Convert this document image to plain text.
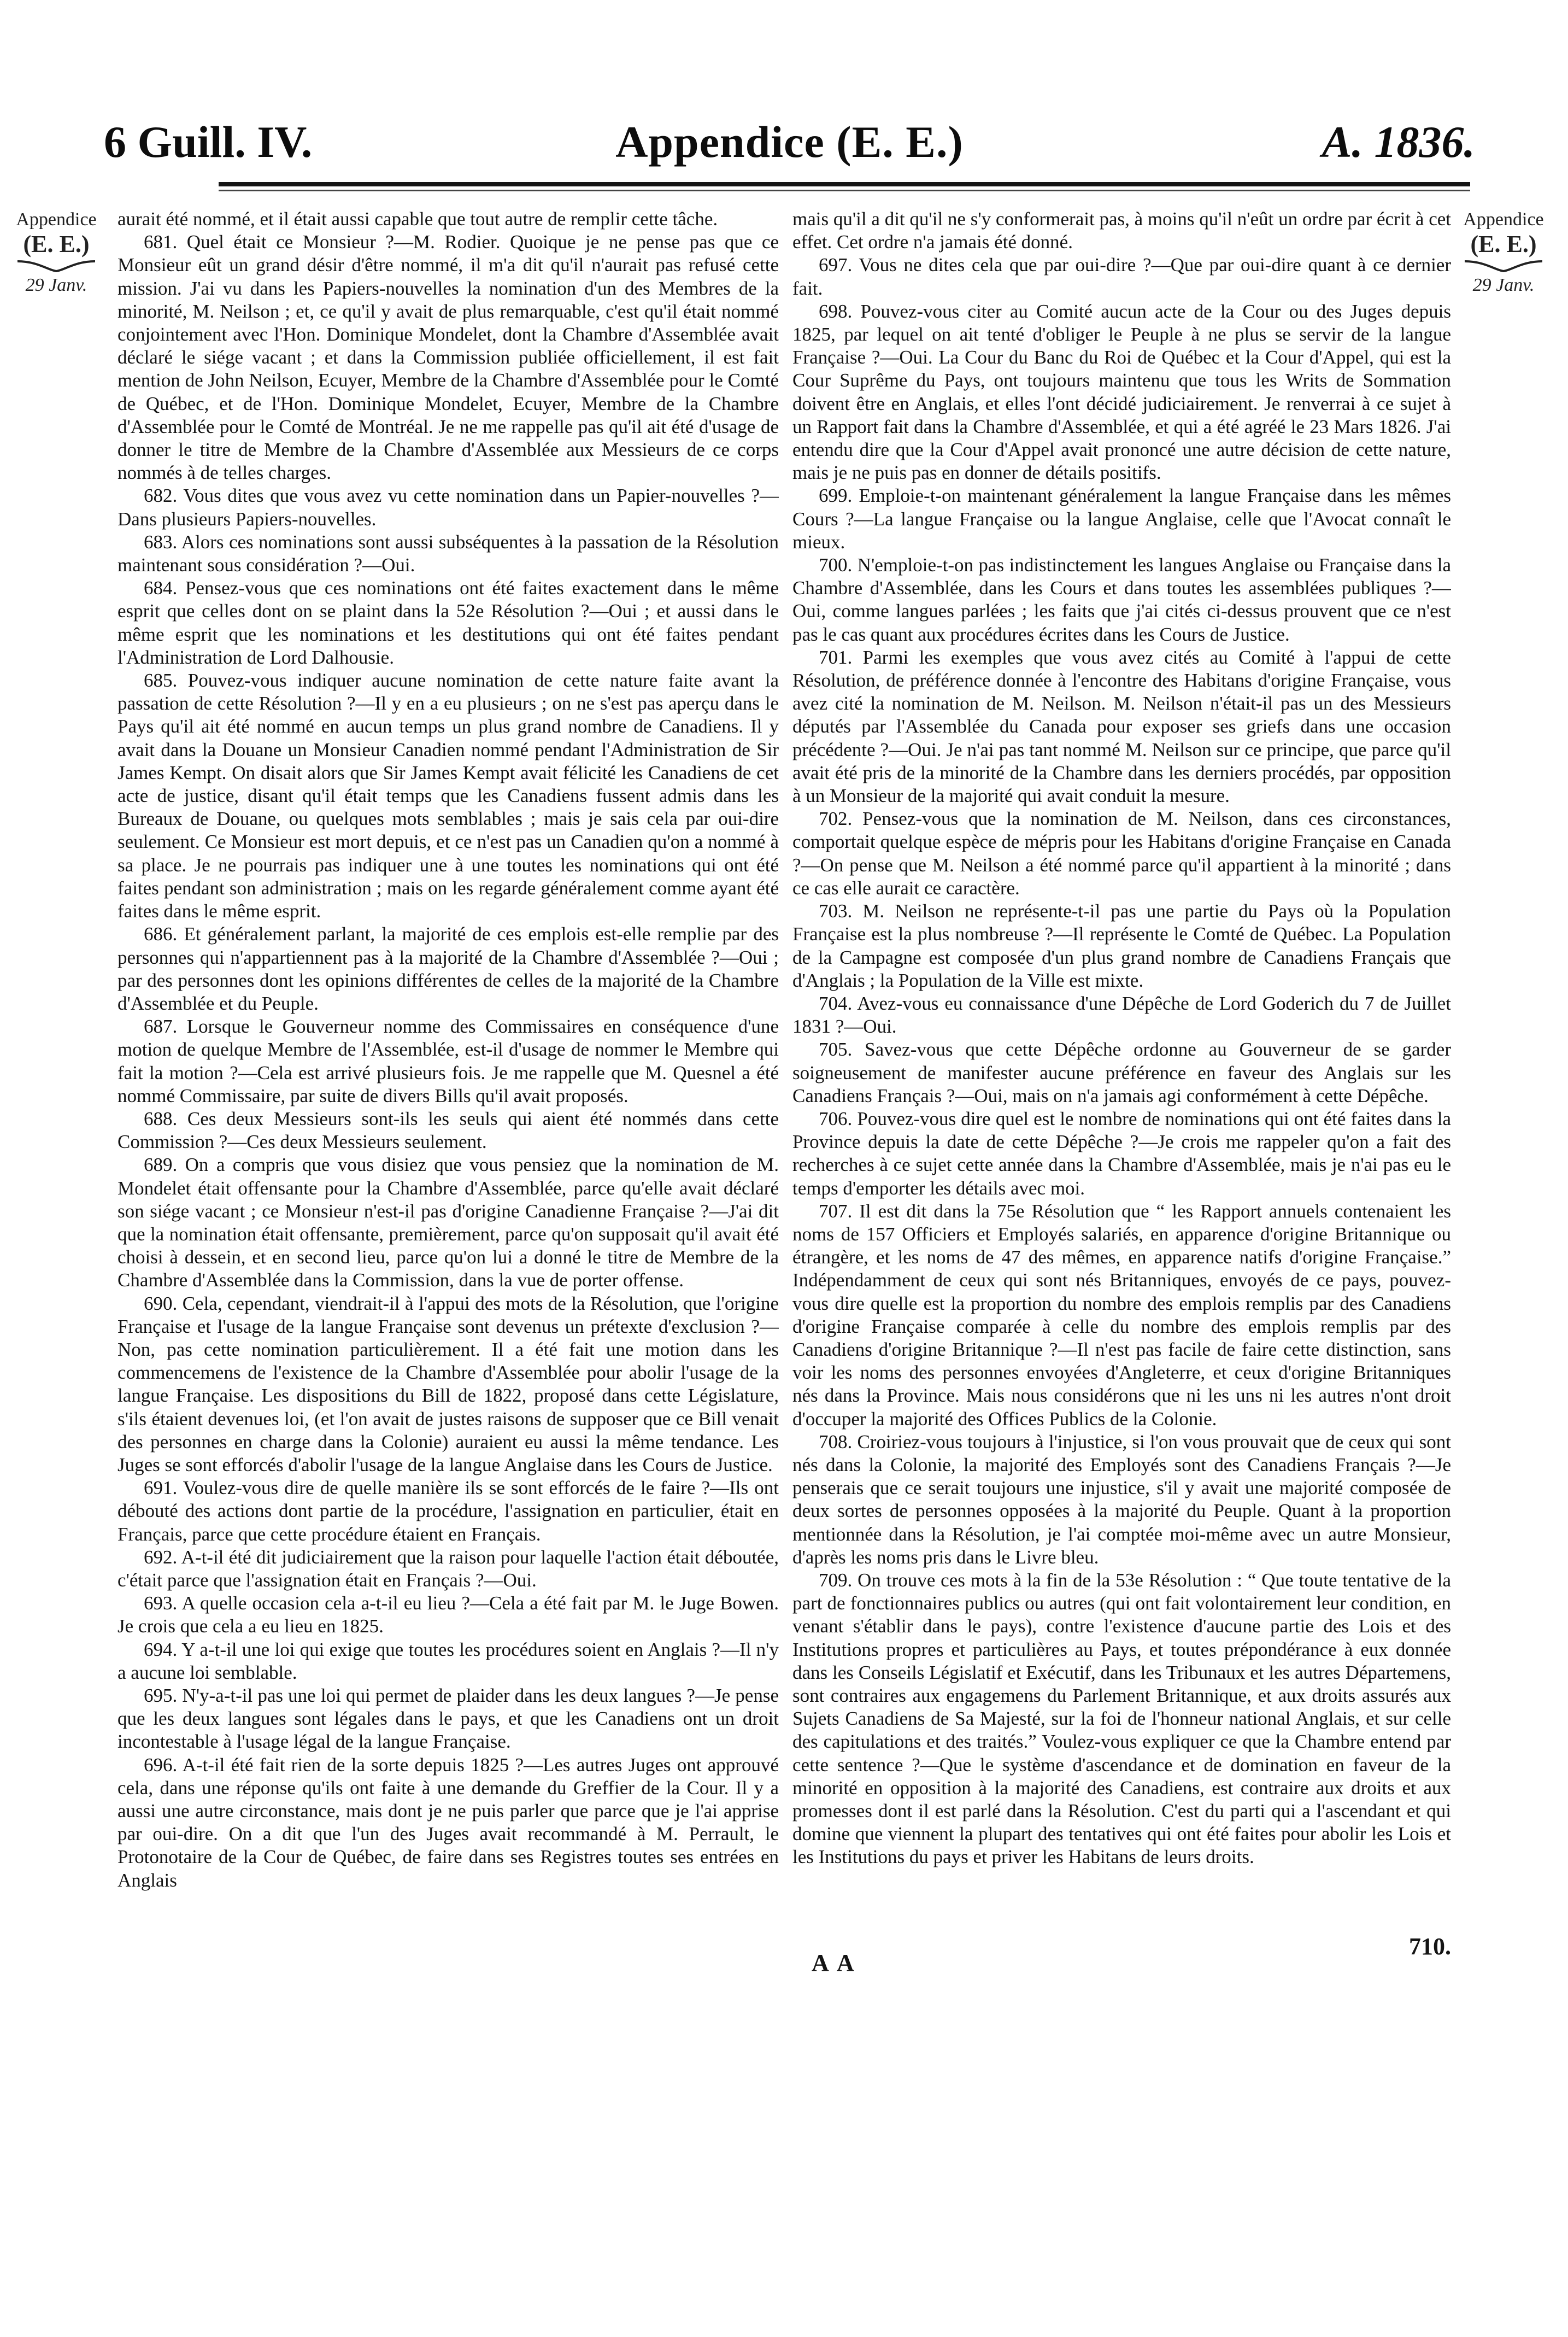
6 Guill. IV.	Appendice (E. E.)	A. 1836.
Appendice
(E. E.)
29 Janv.
Appendice
(E. E.)
29 Janv.

aurait été nommé, et il était aussi capable que tout autre de remplir cette tâche.

681. Quel était ce Monsieur ?—M. Rodier. Quoique je ne pense pas que ce Monsieur eût un grand désir d'être nommé, il m'a dit qu'il n'aurait pas refusé cette mission. J'ai vu dans les Papiers-nouvelles la nomination d'un des Membres de la minorité, M. Neilson ; et, ce qu'il y avait de plus remarquable, c'est qu'il était nommé conjointement avec l'Hon. Dominique Mondelet, dont la Chambre d'Assemblée avait déclaré le siége vacant ; et dans la Commission publiée officiellement, il est fait mention de John Neilson, Ecuyer, Membre de la Chambre d'Assemblée pour le Comté de Québec, et de l'Hon. Dominique Mondelet, Ecuyer, Membre de la Chambre d'Assemblée pour le Comté de Montréal. Je ne me rappelle pas qu'il ait été d'usage de donner le titre de Membre de la Chambre d'Assemblée aux Messieurs de ce corps nommés à de telles charges.

682. Vous dites que vous avez vu cette nomination dans un Papier-nouvelles ?—Dans plusieurs Papiers-nouvelles.

683. Alors ces nominations sont aussi subséquentes à la passation de la Résolution maintenant sous considération ?—Oui.

684. Pensez-vous que ces nominations ont été faites exactement dans le même esprit que celles dont on se plaint dans la 52e Résolution ?—Oui ; et aussi dans le même esprit que les nominations et les destitutions qui ont été faites pendant l'Administration de Lord Dalhousie.

685. Pouvez-vous indiquer aucune nomination de cette nature faite avant la passation de cette Résolution ?—Il y en a eu plusieurs ; on ne s'est pas aperçu dans le Pays qu'il ait été nommé en aucun temps un plus grand nombre de Canadiens. Il y avait dans la Douane un Monsieur Canadien nommé pendant l'Administration de Sir James Kempt. On disait alors que Sir James Kempt avait félicité les Canadiens de cet acte de justice, disant qu'il était temps que les Canadiens fussent admis dans les Bureaux de Douane, ou quelques mots semblables ; mais je sais cela par oui-dire seulement. Ce Monsieur est mort depuis, et ce n'est pas un Canadien qu'on a nommé à sa place. Je ne pourrais pas indiquer une à une toutes les nominations qui ont été faites pendant son administration ; mais on les regarde généralement comme ayant été faites dans le même esprit.

686. Et généralement parlant, la majorité de ces emplois est-elle remplie par des personnes qui n'appartiennent pas à la majorité de la Chambre d'Assemblée ?—Oui ; par des personnes dont les opinions différentes de celles de la majorité de la Chambre d'Assemblée et du Peuple.

687. Lorsque le Gouverneur nomme des Commissaires en conséquence d'une motion de quelque Membre de l'Assemblée, est-il d'usage de nommer le Membre qui fait la motion ?—Cela est arrivé plusieurs fois. Je me rappelle que M. Quesnel a été nommé Commissaire, par suite de divers Bills qu'il avait proposés.

688. Ces deux Messieurs sont-ils les seuls qui aient été nommés dans cette Commission ?—Ces deux Messieurs seulement.

689. On a compris que vous disiez que vous pensiez que la nomination de M. Mondelet était offensante pour la Chambre d'Assemblée, parce qu'elle avait déclaré son siége vacant ; ce Monsieur n'est-il pas d'origine Canadienne Française ?—J'ai dit que la nomination était offensante, premièrement, parce qu'on supposait qu'il avait été choisi à dessein, et en second lieu, parce qu'on lui a donné le titre de Membre de la Chambre d'Assemblée dans la Commission, dans la vue de porter offense.

690. Cela, cependant, viendrait-il à l'appui des mots de la Résolution, que l'origine Française et l'usage de la langue Française sont devenus un prétexte d'exclusion ?—Non, pas cette nomination particulièrement. Il a été fait une motion dans les commencemens de l'existence de la Chambre d'Assemblée pour abolir l'usage de la langue Française. Les dispositions du Bill de 1822, proposé dans cette Législature, s'ils étaient devenues loi, (et l'on avait de justes raisons de supposer que ce Bill venait des personnes en charge dans la Colonie) auraient eu aussi la même tendance. Les Juges se sont efforcés d'abolir l'usage de la langue Anglaise dans les Cours de Justice.

691. Voulez-vous dire de quelle manière ils se sont efforcés de le faire ?—Ils ont débouté des actions dont partie de la procédure, l'assignation en particulier, était en Français, parce que cette procédure étaient en Français.

692. A-t-il été dit judiciairement que la raison pour laquelle l'action était déboutée, c'était parce que l'assignation était en Français ?—Oui.

693. A quelle occasion cela a-t-il eu lieu ?—Cela a été fait par M. le Juge Bowen. Je crois que cela a eu lieu en 1825.

694. Y a-t-il une loi qui exige que toutes les procédures soient en Anglais ?—Il n'y a aucune loi semblable.

695. N'y-a-t-il pas une loi qui permet de plaider dans les deux langues ?—Je pense que les deux langues sont légales dans le pays, et que les Canadiens ont un droit incontestable à l'usage légal de la langue Française.

696. A-t-il été fait rien de la sorte depuis 1825 ?—Les autres Juges ont approuvé cela, dans une réponse qu'ils ont faite à une demande du Greffier de la Cour. Il y a aussi une autre circonstance, mais dont je ne puis parler que parce que je l'ai apprise par oui-dire. On a dit que l'un des Juges avait recommandé à M. Perrault, le Protonotaire de la Cour de Québec, de faire dans ses Registres toutes ses entrées en Anglais

mais qu'il a dit qu'il ne s'y conformerait pas, à moins qu'il n'eût un ordre par écrit à cet effet. Cet ordre n'a jamais été donné.

697. Vous ne dites cela que par oui-dire ?—Que par oui-dire quant à ce dernier fait.

698. Pouvez-vous citer au Comité aucun acte de la Cour ou des Juges depuis 1825, par lequel on ait tenté d'obliger le Peuple à ne plus se servir de la langue Française ?—Oui. La Cour du Banc du Roi de Québec et la Cour d'Appel, qui est la Cour Suprême du Pays, ont toujours maintenu que tous les Writs de Sommation doivent être en Anglais, et elles l'ont décidé judiciairement. Je renverrai à ce sujet à un Rapport fait dans la Chambre d'Assemblée, et qui a été agréé le 23 Mars 1826. J'ai entendu dire que la Cour d'Appel avait prononcé une autre décision de cette nature, mais je ne puis pas en donner de détails positifs.

699. Emploie-t-on maintenant généralement la langue Française dans les mêmes Cours ?—La langue Française ou la langue Anglaise, celle que l'Avocat connaît le mieux.

700. N'emploie-t-on pas indistinctement les langues Anglaise ou Française dans la Chambre d'Assemblée, dans les Cours et dans toutes les assemblées publiques ?—Oui, comme langues parlées ; les faits que j'ai cités ci-dessus prouvent que ce n'est pas le cas quant aux procédures écrites dans les Cours de Justice.

701. Parmi les exemples que vous avez cités au Comité à l'appui de cette Résolution, de préférence donnée à l'encontre des Habitans d'origine Française, vous avez cité la nomination de M. Neilson. M. Neilson n'était-il pas un des Messieurs députés par l'Assemblée du Canada pour exposer ses griefs dans une occasion précédente ?—Oui. Je n'ai pas tant nommé M. Neilson sur ce principe, que parce qu'il avait été pris de la minorité de la Chambre dans les derniers procédés, par opposition à un Monsieur de la majorité qui avait conduit la mesure.

702. Pensez-vous que la nomination de M. Neilson, dans ces circonstances, comportait quelque espèce de mépris pour les Habitans d'origine Française en Canada ?—On pense que M. Neilson a été nommé parce qu'il appartient à la minorité ; dans ce cas elle aurait ce caractère.

703. M. Neilson ne représente-t-il pas une partie du Pays où la Population Française est la plus nombreuse ?—Il représente le Comté de Québec. La Population de la Campagne est composée d'un plus grand nombre de Canadiens Français que d'Anglais ; la Population de la Ville est mixte.

704. Avez-vous eu connaissance d'une Dépêche de Lord Goderich du 7 de Juillet 1831 ?—Oui.

705. Savez-vous que cette Dépêche ordonne au Gouverneur de se garder soigneusement de manifester aucune préférence en faveur des Anglais sur les Canadiens Français ?—Oui, mais on n'a jamais agi conformément à cette Dépêche.

706. Pouvez-vous dire quel est le nombre de nominations qui ont été faites dans la Province depuis la date de cette Dépêche ?—Je crois me rappeler qu'on a fait des recherches à ce sujet cette année dans la Chambre d'Assemblée, mais je n'ai pas eu le temps d'emporter les détails avec moi.

707. Il est dit dans la 75e Résolution que “ les Rapport annuels contenaient les noms de 157 Officiers et Employés salariés, en apparence d'origine Britannique ou étrangère, et les noms de 47 des mêmes, en apparence natifs d'origine Française.” Indépendamment de ceux qui sont nés Britanniques, envoyés de ce pays, pouvez-vous dire quelle est la proportion du nombre des emplois remplis par des Canadiens d'origine Française comparée à celle du nombre des emplois remplis par des Canadiens d'origine Britannique ?—Il n'est pas facile de faire cette distinction, sans voir les noms des personnes envoyées d'Angleterre, et ceux d'origine Britanniques nés dans la Province. Mais nous considérons que ni les uns ni les autres n'ont droit d'occuper la majorité des Offices Publics de la Colonie.

708. Croiriez-vous toujours à l'injustice, si l'on vous prouvait que de ceux qui sont nés dans la Colonie, la majorité des Employés sont des Canadiens Français ?—Je penserais que ce serait toujours une injustice, s'il y avait une majorité composée de deux sortes de personnes opposées à la majorité du Peuple. Quant à la proportion mentionnée dans la Résolution, je l'ai comptée moi-même avec un autre Monsieur, d'après les noms pris dans le Livre bleu.

709. On trouve ces mots à la fin de la 53e Résolution : “ Que toute tentative de la part de fonctionnaires publics ou autres (qui ont fait volontairement leur condition, en venant s'établir dans le pays), contre l'existence d'aucune partie des Lois et des Institutions propres et particulières au Pays, et toutes prépondérance à eux donnée dans les Conseils Législatif et Exécutif, dans les Tribunaux et les autres Départemens, sont contraires aux engagemens du Parlement Britannique, et aux droits assurés aux Sujets Canadiens de Sa Majesté, sur la foi de l'honneur national Anglais, et sur celle des capitulations et des traités.” Voulez-vous expliquer ce que la Chambre entend par cette sentence ?—Que le système d'ascendance et de domination en faveur de la minorité en opposition à la majorité des Canadiens, est contraire aux droits et aux promesses dont il est parlé dans la Résolution. C'est du parti qui a l'ascendant et qui domine que viennent la plupart des tentatives qui ont été faites pour abolir les Lois et les Institutions du pays et priver les Habitans de leurs droits.

A A
710.
